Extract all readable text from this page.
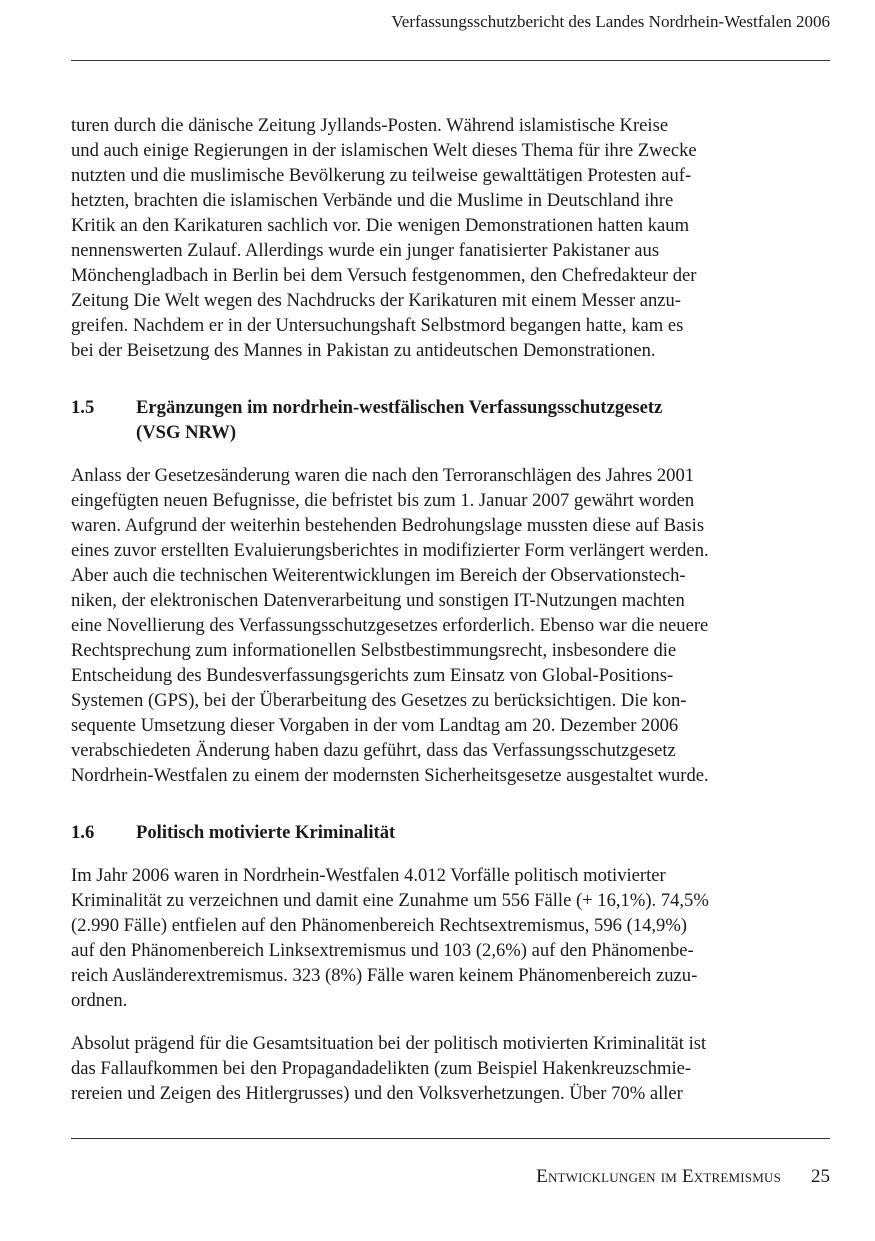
Verfassungsschutzbericht des Landes Nordrhein-Westfalen 2006
turen durch die dänische Zeitung Jyllands-Posten. Während islamistische Kreise
und auch einige Regierungen in der islamischen Welt dieses Thema für ihre Zwecke
nutzten und die muslimische Bevölkerung zu teilweise gewalttätigen Protesten auf-
hetzten, brachten die islamischen Verbände und die Muslime in Deutschland ihre
Kritik an den Karikaturen sachlich vor. Die wenigen Demonstrationen hatten kaum
nennenswerten Zulauf. Allerdings wurde ein junger fanatisierter Pakistaner aus
Mönchengladbach in Berlin bei dem Versuch festgenommen, den Chefredakteur der
Zeitung Die Welt wegen des Nachdrucks der Karikaturen mit einem Messer anzu-
greifen. Nachdem er in der Untersuchungshaft Selbstmord begangen hatte, kam es
bei der Beisetzung des Mannes in Pakistan zu antideutschen Demonstrationen.
1.5	Ergänzungen im nordrhein-westfälischen Verfassungsschutzgesetz
(VSG NRW)
Anlass der Gesetzesänderung waren die nach den Terroranschlägen des Jahres 2001
eingefügten neuen Befugnisse, die befristet bis zum 1. Januar 2007 gewährt worden
waren. Aufgrund der weiterhin bestehenden Bedrohungslage mussten diese auf Basis
eines zuvor erstellten Evaluierungsberichtes in modifizierter Form verlängert werden.
Aber auch die technischen Weiterentwicklungen im Bereich der Observationstech-
niken, der elektronischen Datenverarbeitung und sonstigen IT-Nutzungen machten
eine Novellierung des Verfassungsschutzgesetzes erforderlich. Ebenso war die neuere
Rechtsprechung zum informationellen Selbstbestimmungsrecht, insbesondere die
Entscheidung des Bundesverfassungsgerichts zum Einsatz von Global-Positions-
Systemen (GPS), bei der Überarbeitung des Gesetzes zu berücksichtigen. Die kon-
sequente Umsetzung dieser Vorgaben in der vom Landtag am 20. Dezember 2006
verabschiedeten Änderung haben dazu geführt, dass das Verfassungsschutzgesetz
Nordrhein-Westfalen zu einem der modernsten Sicherheitsgesetze ausgestaltet wurde.
1.6	Politisch motivierte Kriminalität
Im Jahr 2006 waren in Nordrhein-Westfalen 4.012 Vorfälle politisch motivierter
Kriminalität zu verzeichnen und damit eine Zunahme um 556 Fälle (+ 16,1%). 74,5%
(2.990 Fälle) entfielen auf den Phänomenbereich Rechtsextremismus, 596 (14,9%)
auf den Phänomenbereich Linksextremismus und 103 (2,6%) auf den Phänomenbe-
reich Ausländerextremismus. 323 (8%) Fälle waren keinem Phänomenbereich zuzu-
ordnen.
Absolut prägend für die Gesamtsituation bei der politisch motivierten Kriminalität ist
das Fallaufkommen bei den Propagandadelikten (zum Beispiel Hakenkreuzschmie-
rereien und Zeigen des Hitlergrusses) und den Volksverhetzungen. Über 70% aller
Entwicklungen im Extremismus 25
